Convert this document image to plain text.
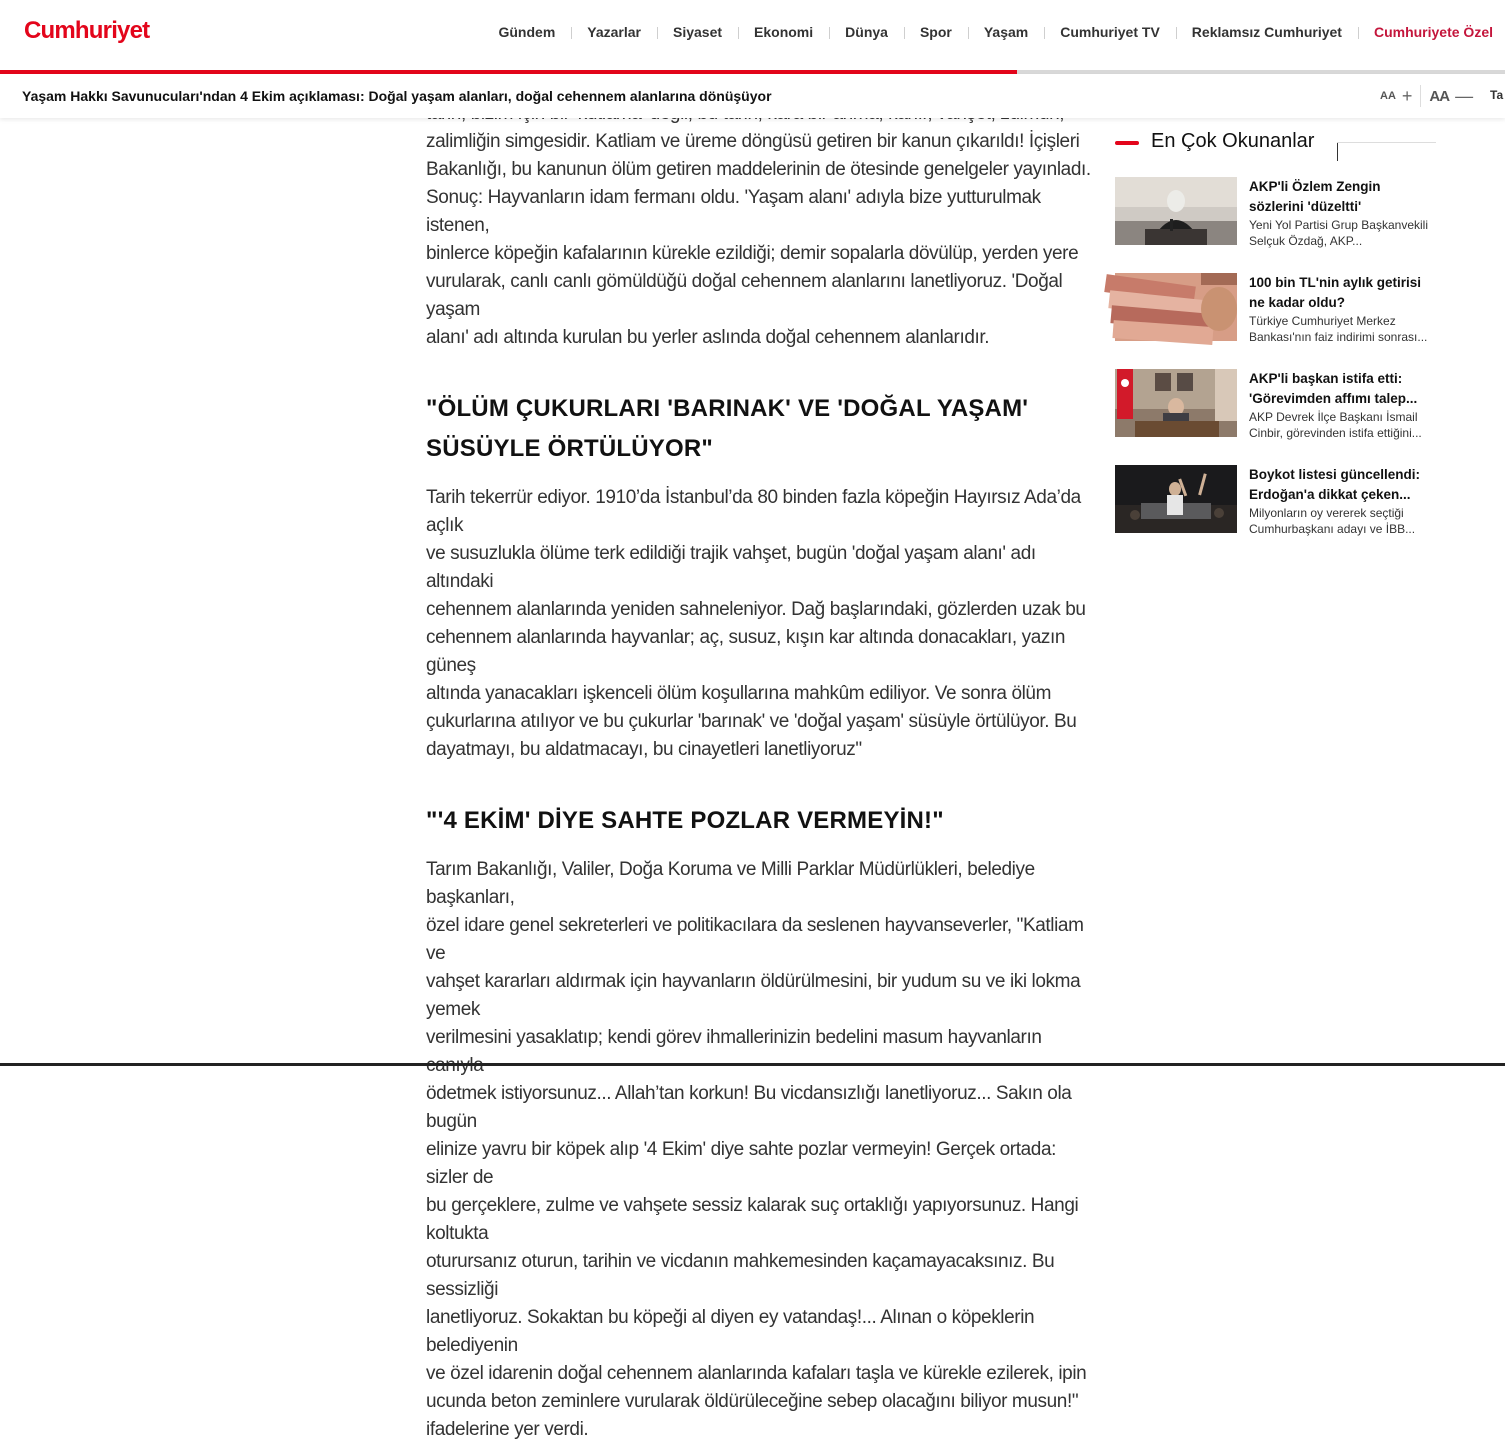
Cumhuriyet	Gündem	Yazarlar	Siyaset	Ekonomi	Dünya	Spor	Yaşam	Cumhuriyet TV	Reklamsız Cumhuriyet	Cumhuriyete Özel
Yaşam Hakkı Savunucuları'ndan 4 Ekim açıklaması: Doğal yaşam alanları, doğal cehennem alanlarına dönüşüyor	AA + AA — Ta
zalimliğin simgesidir. Katliam ve üreme döngüsü getiren bir kanun çıkarıldı! İçişleri
Bakanlığı, bu kanunun ölüm getiren maddelerinin de ötesinde genelgeler yayınladı.
Sonuç: Hayvanların idam fermanı oldu. 'Yaşam alanı' adıyla bize yutturulmak istenen,
binlerce köpeğin kafalarının kürekle ezildiği; demir sopalarla dövülüp, yerden yere
vurularak, canlı canlı gömüldüğü doğal cehennem alanlarını lanetliyoruz. 'Doğal yaşam
alanı' adı altında kurulan bu yerler aslında doğal cehennem alanlarıdır.
"ÖLÜM ÇUKURLARI 'BARINAK' VE 'DOĞAL YAŞAM'
SÜSÜYLE ÖRTÜLÜYOR"
Tarih tekerrür ediyor. 1910’da İstanbul’da 80 binden fazla köpeğin Hayırsız Ada’da açlık
ve susuzlukla ölüme terk edildiği trajik vahşet, bugün 'doğal yaşam alanı' adı altındaki
cehennem alanlarında yeniden sahneleniyor. Dağ başlarındaki, gözlerden uzak bu
cehennem alanlarında hayvanlar; aç, susuz, kışın kar altında donacakları, yazın güneş
altında yanacakları işkenceli ölüm koşullarına mahkûm ediliyor. Ve sonra ölüm
çukurlarına atılıyor ve bu çukurlar 'barınak' ve 'doğal yaşam' süsüyle örtülüyor. Bu
dayatmayı, bu aldatmacayı, bu cinayetleri lanetliyoruz"
"'4 EKİM' DİYE SAHTE POZLAR VERMEYİN!"
Tarım Bakanlığı, Valiler, Doğa Koruma ve Milli Parklar Müdürlükleri, belediye başkanları,
özel idare genel sekreterleri ve politikacılara da seslenen hayvanseverler, "Katliam ve
vahşet kararları aldırmak için hayvanların öldürülmesini, bir yudum su ve iki lokma yemek
verilmesini yasaklatıp; kendi görev ihmallerinizin bedelini masum hayvanların
ödetmek istiyorsunuz... Allah’tan korkun! Bu vicdansızlığı lanetliyoruz... Sakın ola bugün
elinize yavru bir köpek alıp '4 Ekim' diye sahte pozlar vermeyin! Gerçek ortada: sizler de
bu gerçeklere, zulme ve vahşete sessiz kalarak suç ortaklığı yapıyorsunuz. Hangi koltukta
oturursanız oturun, tarihin ve vicdanın mahkemesinden kaçamayacaksınız. Bu sessizliği
lanetliyoruz. Sokaktan bu köpeği al diyen ey vatandaş!... Alınan o köpeklerin belediyenin
ve özel idarenin doğal cehennem alanlarında kafaları taşla ve kürekle ezilerek, ipin
ucunda beton zeminlere vurularak öldürüleceğine sebep olacağını biliyor musun!"
ifadelerine yer verdi.
En Çok Okunanlar
AKP'li Özlem Zengin sözlerini 'düzeltti'
Yeni Yol Partisi Grup Başkanvekili Selçuk Özdağ, AKP...
100 bin TL'nin aylık getirisi ne kadar oldu?
Türkiye Cumhuriyet Merkez Bankası'nın faiz indirimi sonrası...
AKP'li başkan istifa etti: 'Görevimden affımı talep...
AKP Devrek İlçe Başkanı İsmail Cinbir, görevinden istifa ettiğini...
Boykot listesi güncellendi: Erdoğan'a dikkat çeken...
Milyonların oy vererek seçtiği Cumhurbaşkanı adayı ve İBB...
